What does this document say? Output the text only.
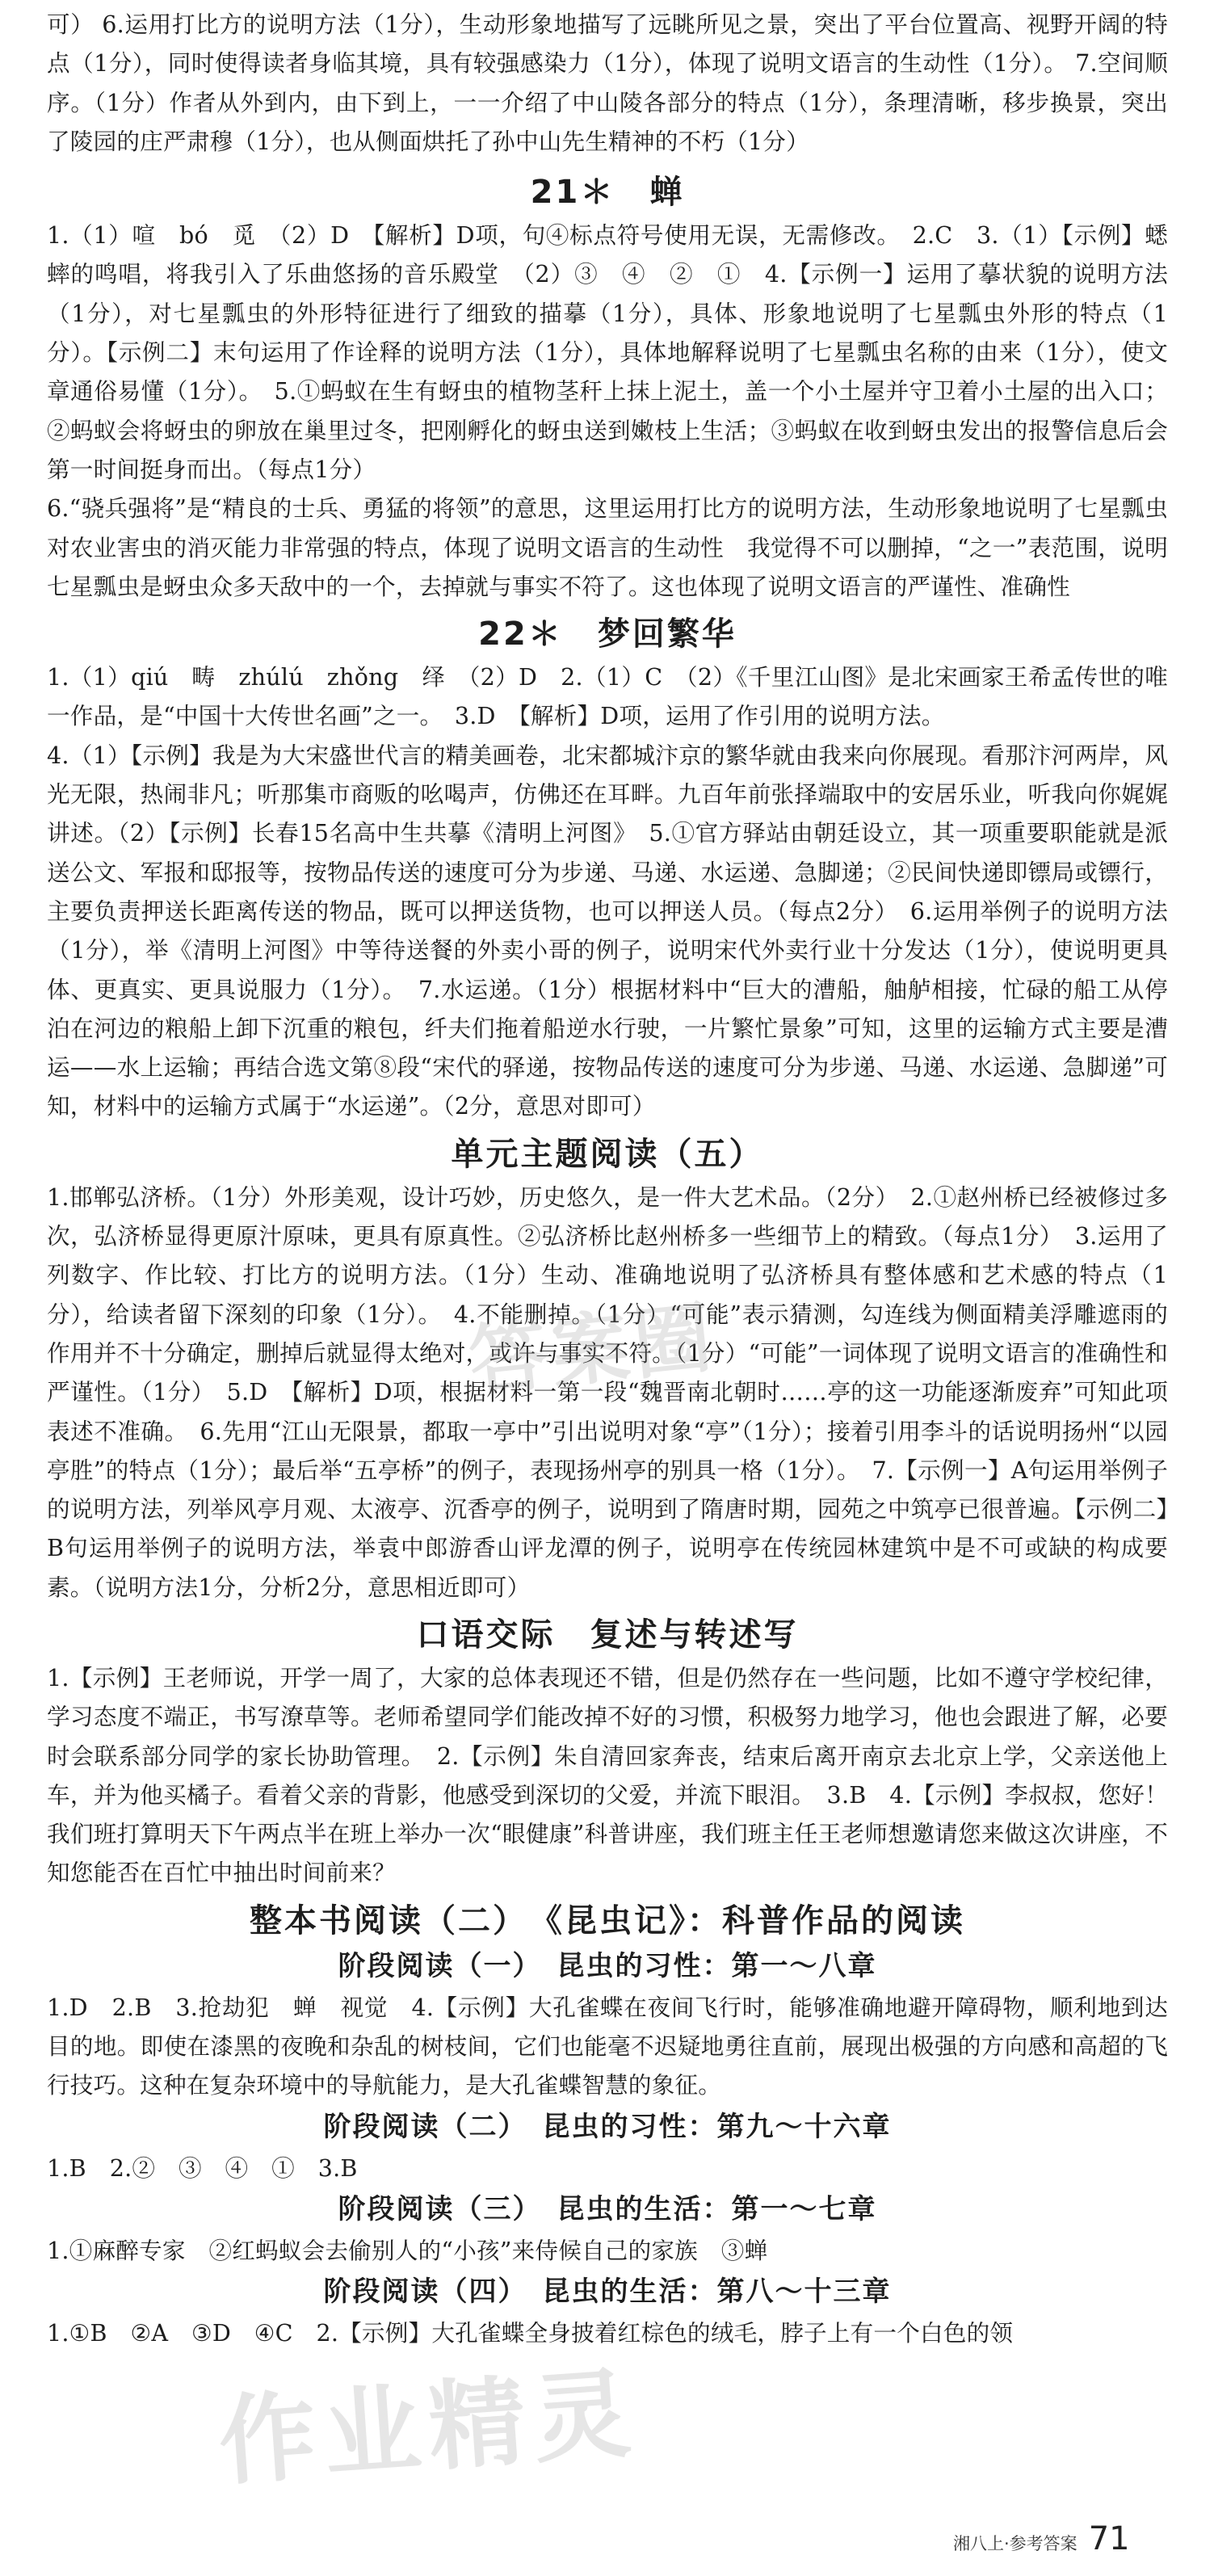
可） 6.运用打比方的说明方法（1分），生动形象地描写了远眺所见之景，突出了平台位置高、视野开阔的特点（1分），同时使得读者身临其境，具有较强感染力（1分），体现了说明文语言的生动性（1分）。 7.空间顺序。（1分）作者从外到内，由下到上，一一介绍了中山陵各部分的特点（1分），条理清晰，移步换景，突出了陵园的庄严肃穆（1分），也从侧面烘托了孙中山先生精神的不朽（1分）

21＊　蝉

1.（1）喧　bó　觅　（2）D　【解析】D项，句④标点符号使用无误，无需修改。　2.C　3.（1）【示例】蟋蟀的鸣唱，将我引入了乐曲悠扬的音乐殿堂　（2）③　④　②　①　4.【示例一】运用了摹状貌的说明方法（1分），对七星瓢虫的外形特征进行了细致的描摹（1分），具体、形象地说明了七星瓢虫外形的特点（1分）。【示例二】末句运用了作诠释的说明方法（1分），具体地解释说明了七星瓢虫名称的由来（1分），使文章通俗易懂（1分）。　5.①蚂蚁在生有蚜虫的植物茎秆上抹上泥土，盖一个小土屋并守卫着小土屋的出入口；②蚂蚁会将蚜虫的卵放在巢里过冬，把刚孵化的蚜虫送到嫩枝上生活；③蚂蚁在收到蚜虫发出的报警信息后会第一时间挺身而出。（每点1分）

6.“骁兵强将”是“精良的士兵、勇猛的将领”的意思，这里运用打比方的说明方法，生动形象地说明了七星瓢虫对农业害虫的消灭能力非常强的特点，体现了说明文语言的生动性　我觉得不可以删掉，“之一”表范围，说明七星瓢虫是蚜虫众多天敌中的一个，去掉就与事实不符了。这也体现了说明文语言的严谨性、准确性

22＊　梦回繁华

1.（1）qiú　畴　zhúlú　zhǒng　绎　（2）D　2.（1）C　（2）《千里江山图》是北宋画家王希孟传世的唯一作品，是“中国十大传世名画”之一。　3.D　【解析】D项，运用了作引用的说明方法。

4.（1）【示例】我是为大宋盛世代言的精美画卷，北宋都城汴京的繁华就由我来向你展现。看那汴河两岸，风光无限，热闹非凡；听那集市商贩的吆喝声，仿佛还在耳畔。九百年前张择端取中的安居乐业，听我向你娓娓讲述。（2）【示例】长春15名高中生共摹《清明上河图》　5.①官方驿站由朝廷设立，其一项重要职能就是派送公文、军报和邸报等，按物品传送的速度可分为步递、马递、水运递、急脚递；②民间快递即镖局或镖行，主要负责押送长距离传送的物品，既可以押送货物，也可以押送人员。（每点2分）　6.运用举例子的说明方法（1分），举《清明上河图》中等待送餐的外卖小哥的例子，说明宋代外卖行业十分发达（1分），使说明更具体、更真实、更具说服力（1分）。　7.水运递。（1分）根据材料中“巨大的漕船，舳舻相接，忙碌的船工从停泊在河边的粮船上卸下沉重的粮包，纤夫们拖着船逆水行驶，一片繁忙景象”可知，这里的运输方式主要是漕运——水上运输；再结合选文第⑧段“宋代的驿递，按物品传送的速度可分为步递、马递、水运递、急脚递”可知，材料中的运输方式属于“水运递”。（2分，意思对即可）

单元主题阅读（五）

1.邯郸弘济桥。（1分）外形美观，设计巧妙，历史悠久，是一件大艺术品。（2分）　2.①赵州桥已经被修过多次，弘济桥显得更原汁原味，更具有原真性。②弘济桥比赵州桥多一些细节上的精致。（每点1分）　3.运用了列数字、作比较、打比方的说明方法。（1分）生动、准确地说明了弘济桥具有整体感和艺术感的特点（1分），给读者留下深刻的印象（1分）。　4.不能删掉。（1分）“可能”表示猜测，勾连线为侧面精美浮雕遮雨的作用并不十分确定，删掉后就显得太绝对，或许与事实不符。（1分）“可能”一词体现了说明文语言的准确性和严谨性。（1分）　5.D　【解析】D项，根据材料一第一段“魏晋南北朝时……亭的这一功能逐渐废弃”可知此项表述不准确。　6.先用“江山无限景，都取一亭中”引出说明对象“亭”（1分）；接着引用李斗的话说明扬州“以园亭胜”的特点（1分）；最后举“五亭桥”的例子，表现扬州亭的别具一格（1分）。　7.【示例一】A句运用举例子的说明方法，列举风亭月观、太液亭、沉香亭的例子，说明到了隋唐时期，园苑之中筑亭已很普遍。【示例二】B句运用举例子的说明方法，举袁中郎游香山评龙潭的例子，说明亭在传统园林建筑中是不可或缺的构成要素。（说明方法1分，分析2分，意思相近即可）

口语交际　复述与转述写

1.【示例】王老师说，开学一周了，大家的总体表现还不错，但是仍然存在一些问题，比如不遵守学校纪律，学习态度不端正，书写潦草等。老师希望同学们能改掉不好的习惯，积极努力地学习，他也会跟进了解，必要时会联系部分同学的家长协助管理。　2.【示例】朱自清回家奔丧，结束后离开南京去北京上学，父亲送他上车，并为他买橘子。看着父亲的背影，他感受到深切的父爱，并流下眼泪。　3.B　4.【示例】李叔叔，您好！我们班打算明天下午两点半在班上举办一次“眼健康”科普讲座，我们班主任王老师想邀请您来做这次讲座，不知您能否在百忙中抽出时间前来？

整本书阅读（二）　《昆虫记》：科普作品的阅读
阶段阅读（一）　昆虫的习性：第一～八章

1.D　2.B　3.抢劫犯　蝉　视觉　4.【示例】大孔雀蝶在夜间飞行时，能够准确地避开障碍物，顺利地到达目的地。即使在漆黑的夜晚和杂乱的树枝间，它们也能毫不迟疑地勇往直前，展现出极强的方向感和高超的飞行技巧。这种在复杂环境中的导航能力，是大孔雀蝶智慧的象征。

阶段阅读（二）　昆虫的习性：第九～十六章

1.B　2.②　③　④　①　3.B

阶段阅读（三）　昆虫的生活：第一～七章

1.①麻醉专家　②红蚂蚁会去偷别人的“小孩”来侍候自己的家族　③蝉

阶段阅读（四）　昆虫的生活：第八～十三章

1.①B　②A　③D　④C　2.【示例】大孔雀蝶全身披着红棕色的绒毛，脖子上有一个白色的领

答案圈
作业精灵
湘八上·参考答案 71
